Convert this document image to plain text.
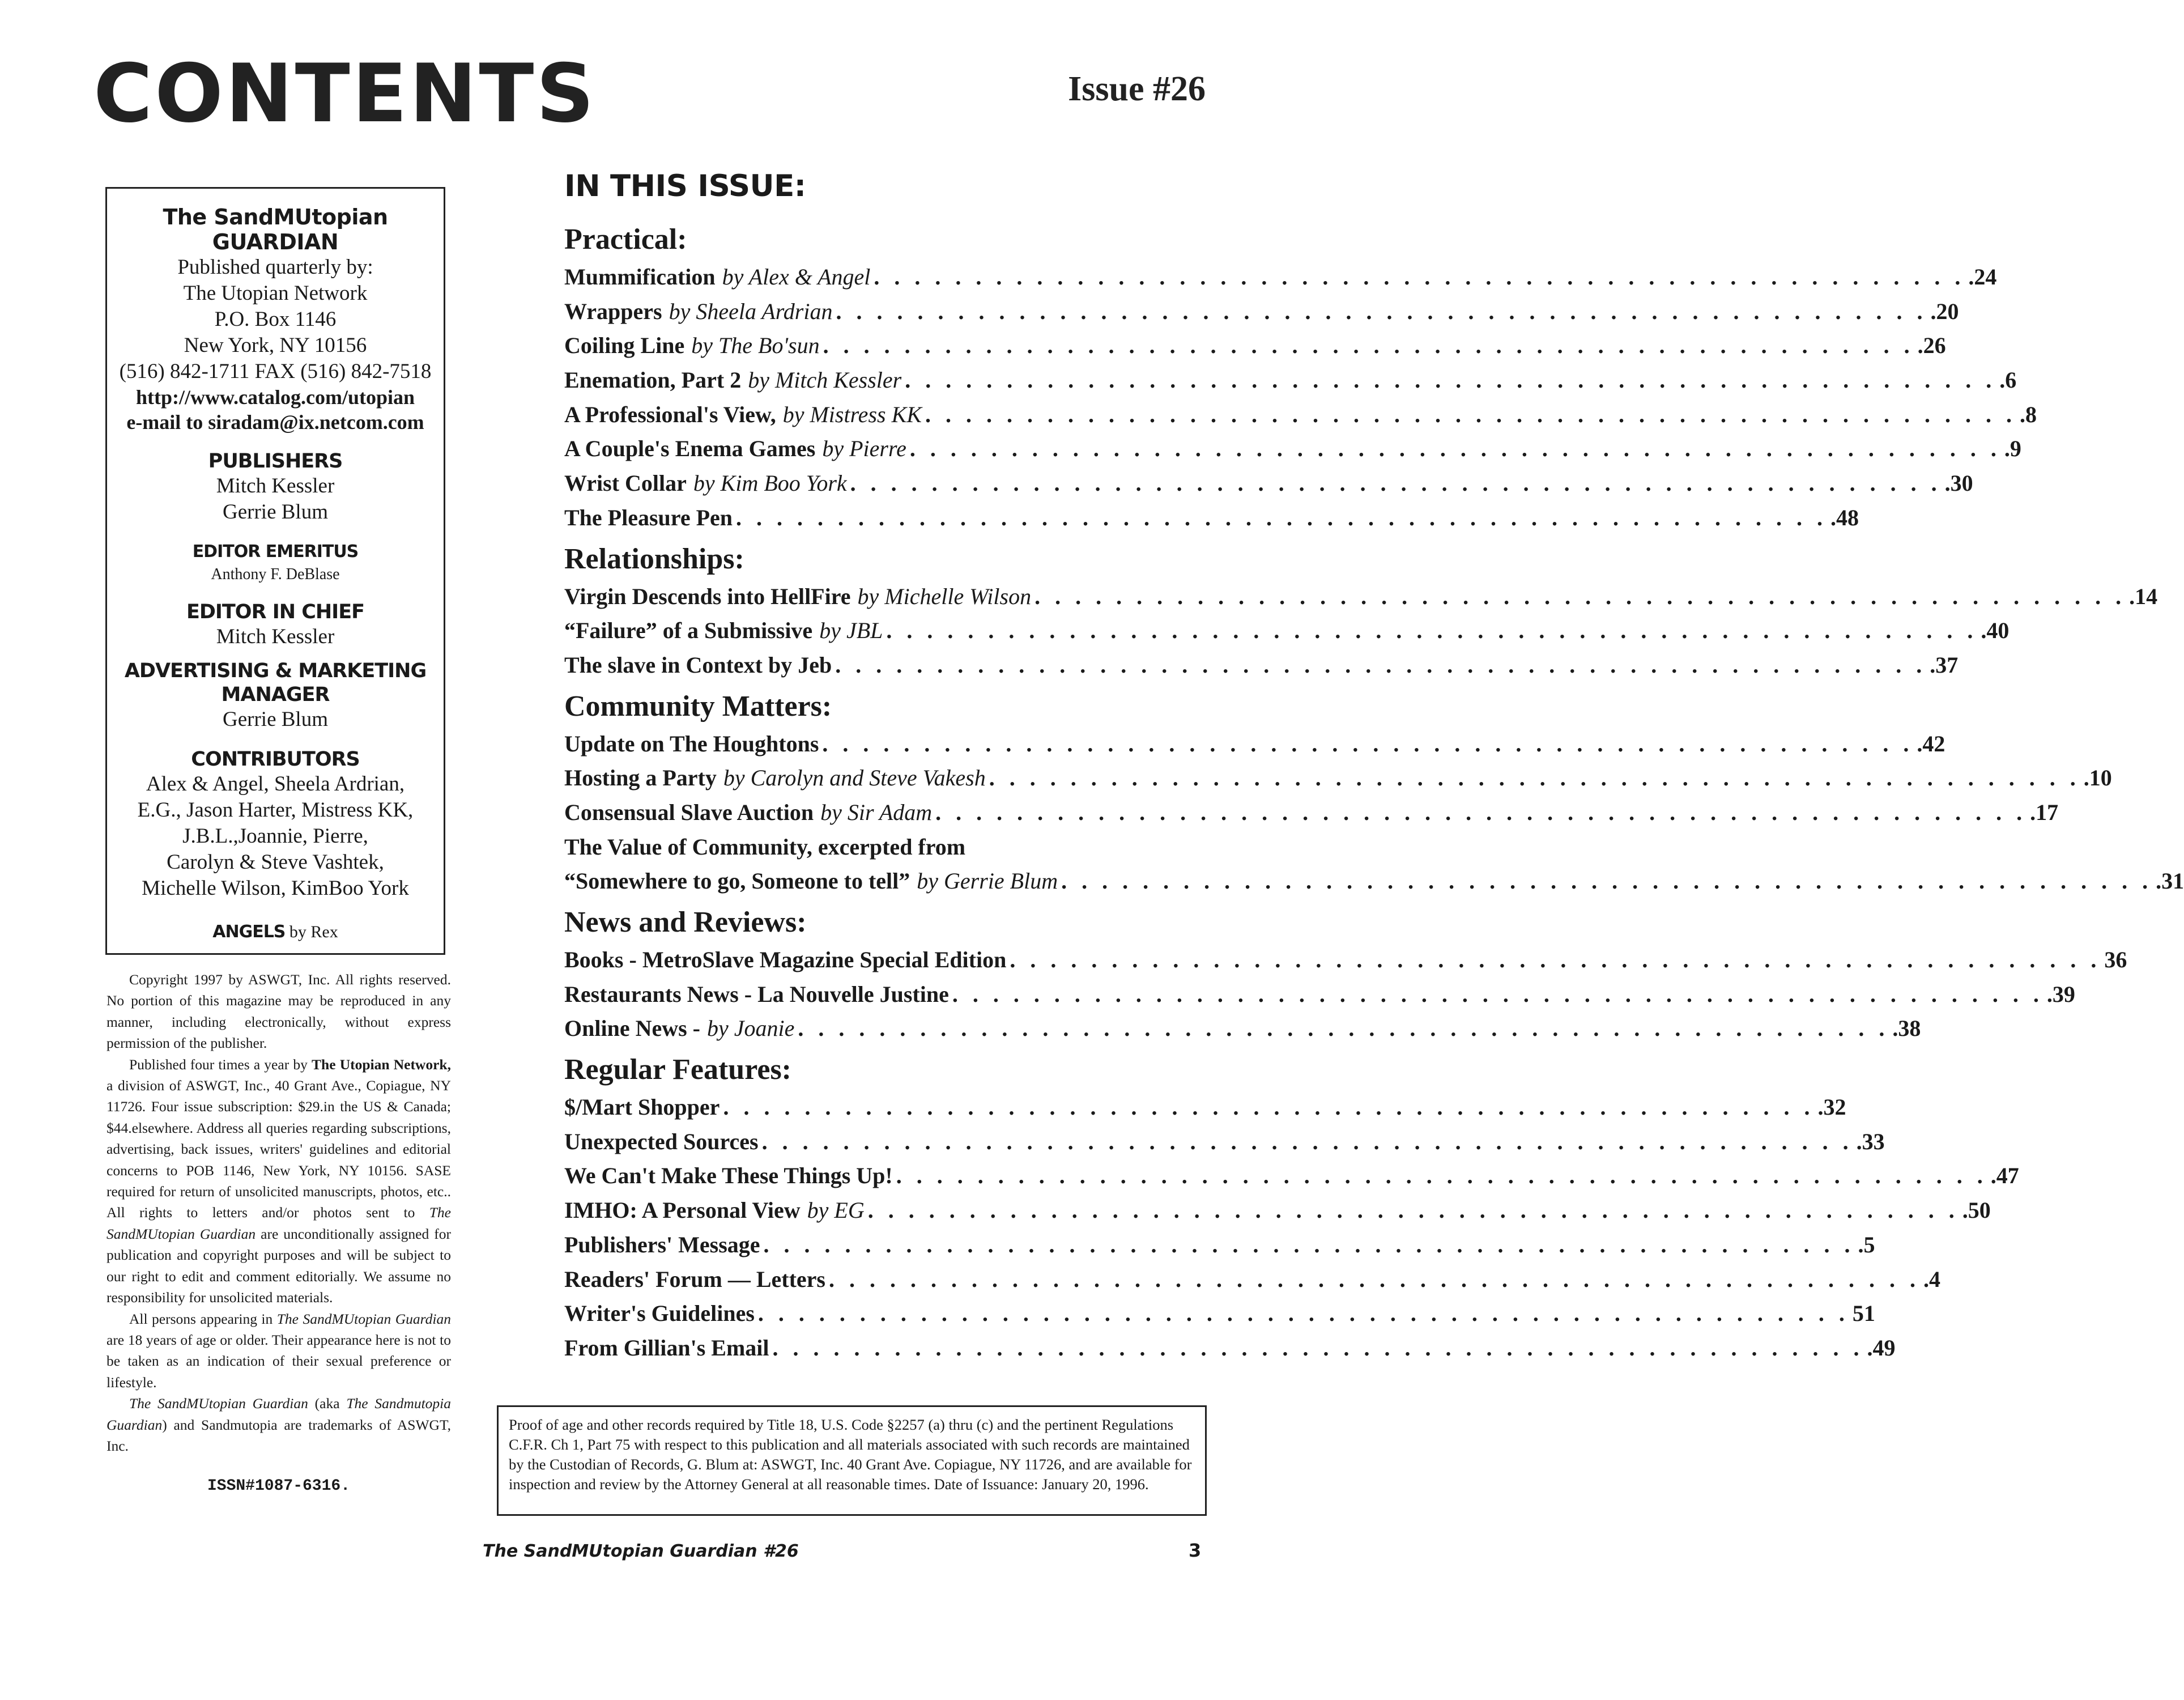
CONTENTS	Issue #26
The SandMUtopian GUARDIAN
Published quarterly by:
The Utopian Network
P.O. Box 1146
New York, NY 10156
(516) 842-1711 FAX (516) 842-7518
http://www.catalog.com/utopian
e-mail to siradam@ix.netcom.com
PUBLISHERS
Mitch Kessler
Gerrie Blum
EDITOR EMERITUS
Anthony F. DeBlase
EDITOR IN CHIEF
Mitch Kessler
ADVERTISING & MARKETING
MANAGER
Gerrie Blum
CONTRIBUTORS
Alex & Angel, Sheela Ardrian,
E.G., Jason Harter, Mistress KK,
J.B.L.,Joannie, Pierre,
Carolyn & Steve Vashtek,
Michelle Wilson, KimBoo York
ANGELS by Rex

Copyright 1997 by ASWGT, Inc. All rights reserved. No portion of this magazine may be reproduced in any manner, including electronically, without express permission of the publisher.

Published four times a year by The Utopian Network, a division of ASWGT, Inc., 40 Grant Ave., Copiague, NY 11726. Four issue subscription: $29.in the US & Canada; $44.elsewhere. Address all queries regarding subscriptions, advertising, back issues, writers' guidelines and editorial concerns to POB 1146, New York, NY 10156. SASE required for return of unsolicited manuscripts, photos, etc.. All rights to letters and/or photos sent to The SandMUtopian Guardian are unconditionally assigned for publication and copyright purposes and will be subject to our right to edit and comment editorially. We assume no responsibility for unsolicited materials.

All persons appearing in The SandMUtopian Guardian are 18 years of age or older. Their appearance here is not to be taken as an indication of their sexual preference or lifestyle.

The SandMUtopian Guardian (aka The Sandmutopia Guardian) and Sandmutopia are trademarks of ASWGT, Inc.

ISSN#1087-6316.

IN THIS ISSUE:
Practical:
Mummification by Alex & Angel . . . . . . . . . . . . . . . . . . . . . . . . . . . . . . . . . . . . . . . . . . . . . . . . . . . . . . .24
Wrappers by Sheela Ardrian . . . . . . . . . . . . . . . . . . . . . . . . . . . . . . . . . . . . . . . . . . . . . . . . . . . . . . .20
Coiling Line by The Bo'sun . . . . . . . . . . . . . . . . . . . . . . . . . . . . . . . . . . . . . . . . . . . . . . . . . . . . . . .26
Enemation, Part 2 by Mitch Kessler . . . . . . . . . . . . . . . . . . . . . . . . . . . . . . . . . . . . . . . . . . . . . . . . . . . . . . .6
A Professional's View, by Mistress KK . . . . . . . . . . . . . . . . . . . . . . . . . . . . . . . . . . . . . . . . . . . . . . . . . . . . . . .8
A Couple's Enema Games by Pierre . . . . . . . . . . . . . . . . . . . . . . . . . . . . . . . . . . . . . . . . . . . . . . . . . . . . . . .9
Wrist Collar by Kim Boo York . . . . . . . . . . . . . . . . . . . . . . . . . . . . . . . . . . . . . . . . . . . . . . . . . . . . . . .30
The Pleasure Pen . . . . . . . . . . . . . . . . . . . . . . . . . . . . . . . . . . . . . . . . . . . . . . . . . . . . . . .48
Relationships:
Virgin Descends into HellFire by Michelle Wilson . . . . . . . . . . . . . . . . . . . . . . . . . . . . . . . . . . . . . . . . . . . . . . . . . . . . . . .14
“Failure” of a Submissive by JBL . . . . . . . . . . . . . . . . . . . . . . . . . . . . . . . . . . . . . . . . . . . . . . . . . . . . . . .40
The slave in Context by Jeb . . . . . . . . . . . . . . . . . . . . . . . . . . . . . . . . . . . . . . . . . . . . . . . . . . . . . . .37
Community Matters:
Update on The Houghtons . . . . . . . . . . . . . . . . . . . . . . . . . . . . . . . . . . . . . . . . . . . . . . . . . . . . . . .42
Hosting a Party by Carolyn and Steve Vakesh . . . . . . . . . . . . . . . . . . . . . . . . . . . . . . . . . . . . . . . . . . . . . . . . . . . . . . .10
Consensual Slave Auction by Sir Adam . . . . . . . . . . . . . . . . . . . . . . . . . . . . . . . . . . . . . . . . . . . . . . . . . . . . . . .17
The Value of Community, excerpted from
“Somewhere to go, Someone to tell” by Gerrie Blum . . . . . . . . . . . . . . . . . . . . . . . . . . . . . . . . . . . . . . . . . . . . . . . . . . . . . . .31
News and Reviews:
Books - MetroSlave Magazine Special Edition . . . . . . . . . . . . . . . . . . . . . . . . . . . . . . . . . . . . . . . . . . . . . . . . . . . . . . 36
Restaurants News - La Nouvelle Justine . . . . . . . . . . . . . . . . . . . . . . . . . . . . . . . . . . . . . . . . . . . . . . . . . . . . . . .39
Online News - by Joanie . . . . . . . . . . . . . . . . . . . . . . . . . . . . . . . . . . . . . . . . . . . . . . . . . . . . . . .38
Regular Features:
$/Mart Shopper . . . . . . . . . . . . . . . . . . . . . . . . . . . . . . . . . . . . . . . . . . . . . . . . . . . . . . .32
Unexpected Sources . . . . . . . . . . . . . . . . . . . . . . . . . . . . . . . . . . . . . . . . . . . . . . . . . . . . . . .33
We Can't Make These Things Up! . . . . . . . . . . . . . . . . . . . . . . . . . . . . . . . . . . . . . . . . . . . . . . . . . . . . . . .47
IMHO: A Personal View by EG . . . . . . . . . . . . . . . . . . . . . . . . . . . . . . . . . . . . . . . . . . . . . . . . . . . . . . .50
Publishers' Message . . . . . . . . . . . . . . . . . . . . . . . . . . . . . . . . . . . . . . . . . . . . . . . . . . . . . . .5
Readers' Forum — Letters . . . . . . . . . . . . . . . . . . . . . . . . . . . . . . . . . . . . . . . . . . . . . . . . . . . . . . .4
Writer's Guidelines . . . . . . . . . . . . . . . . . . . . . . . . . . . . . . . . . . . . . . . . . . . . . . . . . . . . . . 51
From Gillian's Email . . . . . . . . . . . . . . . . . . . . . . . . . . . . . . . . . . . . . . . . . . . . . . . . . . . . . . .49
Proof of age and other records required by Title 18, U.S. Code §2257 (a) thru (c) and the pertinent Regulations C.F.R. Ch 1, Part 75 with respect to this publication and all materials associated with such records are maintained by the Custodian of Records, G. Blum at: ASWGT, Inc. 40 Grant Ave. Copiague, NY 11726, and are available for inspection and review by the Attorney General at all reasonable times. Date of Issuance: January 20, 1996.
The SandMUtopian Guardian #26	3
